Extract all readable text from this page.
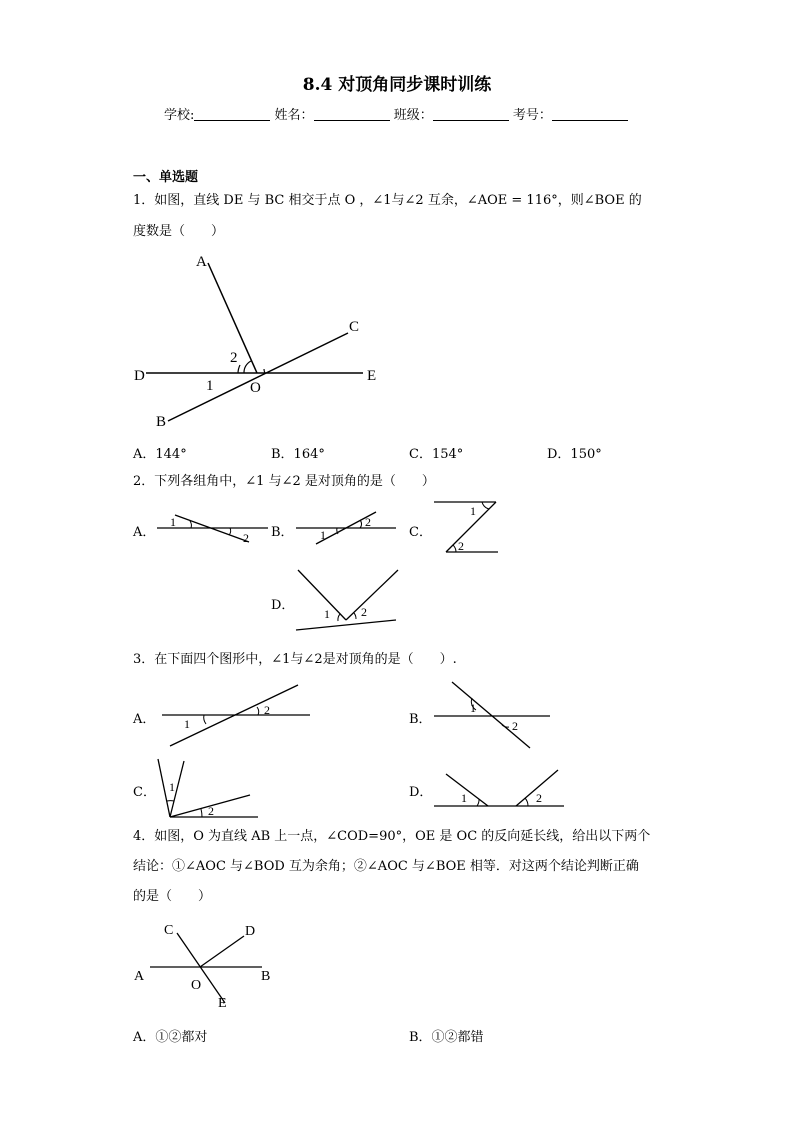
8.4 对顶角同步课时训练
学校:	姓名：	班级：	考号：
一、单选题
1．如图，直线 DE 与 BC 相交于点 O ，∠1与∠2 互余，∠AOE = 116°，则∠BOE 的
度数是（　　）
A
C
D	E
B
O
1
2
A．144°	B．164°	C．154°	D．150°
2．下列各组角中，∠1 与∠2 是对顶角的是（　　）
A．
1
2 B． 1
2
C．
1
2
D．
1	2
3．在下面四个图形中，∠1与∠2是对顶角的是（　　）.
A． 1
2
B．
1
2
C． 1
2
D． 1	2
4．如图，O 为直线 AB 上一点，∠COD=90°，OE 是 OC 的反向延长线，给出以下两个
结论：①∠AOC 与∠BOD 互为余角；②∠AOC 与∠BOE 相等．对这两个结论判断正确
的是（　　）
C	D
A	B
O
E
A．①②都对	B．①②都错
